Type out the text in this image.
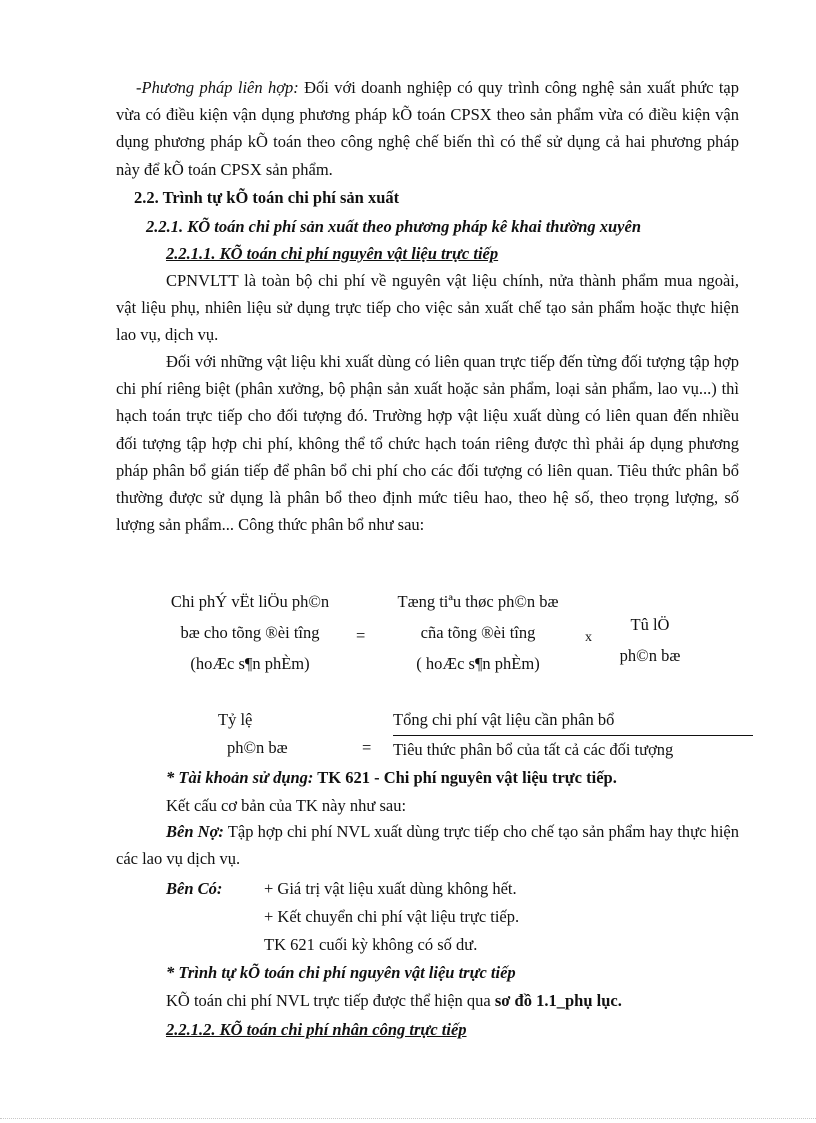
-Phương pháp liên hợp: Đối với doanh nghiệp có quy trình công nghệ sản xuất phức tạp vừa có điều kiện vận dụng phương pháp kÕ toán CPSX theo sản phẩm vừa có điều kiện vận dụng phương pháp kÕ toán theo công nghệ chế biến thì có thể sử dụng cả hai phương pháp này để kÕ toán CPSX sản phẩm.

2.2. Trình tự kÕ toán chi phí sản xuất

2.2.1. KÕ toán chi phí sản xuất theo phương pháp kê khai thường xuyên

2.2.1.1. KÕ toán chi phí nguyên vật liệu trực tiếp

CPNVLTT là toàn bộ chi phí về nguyên vật liệu chính, nửa thành phẩm mua ngoài, vật liệu phụ, nhiên liệu sử dụng trực tiếp cho việc sản xuất chế tạo sản phẩm hoặc thực hiện lao vụ, dịch vụ.

Đối với những vật liệu khi xuất dùng có liên quan trực tiếp đến từng đối tượng tập hợp chi phí riêng biệt (phân xưởng, bộ phận sản xuất hoặc sản phẩm, loại sản phẩm, lao vụ...) thì hạch toán trực tiếp cho đối tượng đó. Trường hợp vật liệu xuất dùng có liên quan đến nhiều đối tượng tập hợp chi phí, không thể tổ chức hạch toán riêng được thì phải áp dụng phương pháp phân bổ gián tiếp để phân bổ chi phí cho các đối tượng có liên quan. Tiêu thức phân bổ thường được sử dụng là phân bổ theo định mức tiêu hao, theo hệ số, theo trọng lượng, số lượng sản phẩm... Công thức phân bổ như sau:

Chi phÝ vËt liÖu ph©n

bæ cho tõng ®èi tîng

(hoÆc s¶n phÈm)

=

Tæng tiªu thøc ph©n bæ

cña tõng ®èi tîng

( hoÆc s¶n phÈm)

x

Tû lÖ

ph©n bæ

Tỷ lệ

ph©n bæ	=

Tổng chi phí vật liệu cần phân bổ

Tiêu thức phân bổ của tất cả các đối tượng

* Tài khoản sử dụng: TK 621 - Chi phí nguyên vật liệu trực tiếp.

Kết cấu cơ bản của TK này như sau:

Bên Nợ: Tập hợp chi phí NVL xuất dùng trực tiếp cho chế tạo sản phẩm hay thực hiện các lao vụ dịch vụ.

Bên Có:	+ Giá trị vật liệu xuất dùng không hết.

+ Kết chuyển chi phí vật liệu trực tiếp.

TK 621 cuối kỳ không có số dư.

* Trình tự kÕ toán chi phí nguyên vật liệu trực tiếp

KÕ toán chi phí NVL trực tiếp được thể hiện qua sơ đồ 1.1_phụ lục.

2.2.1.2. KÕ toán chi phí nhân công trực tiếp
